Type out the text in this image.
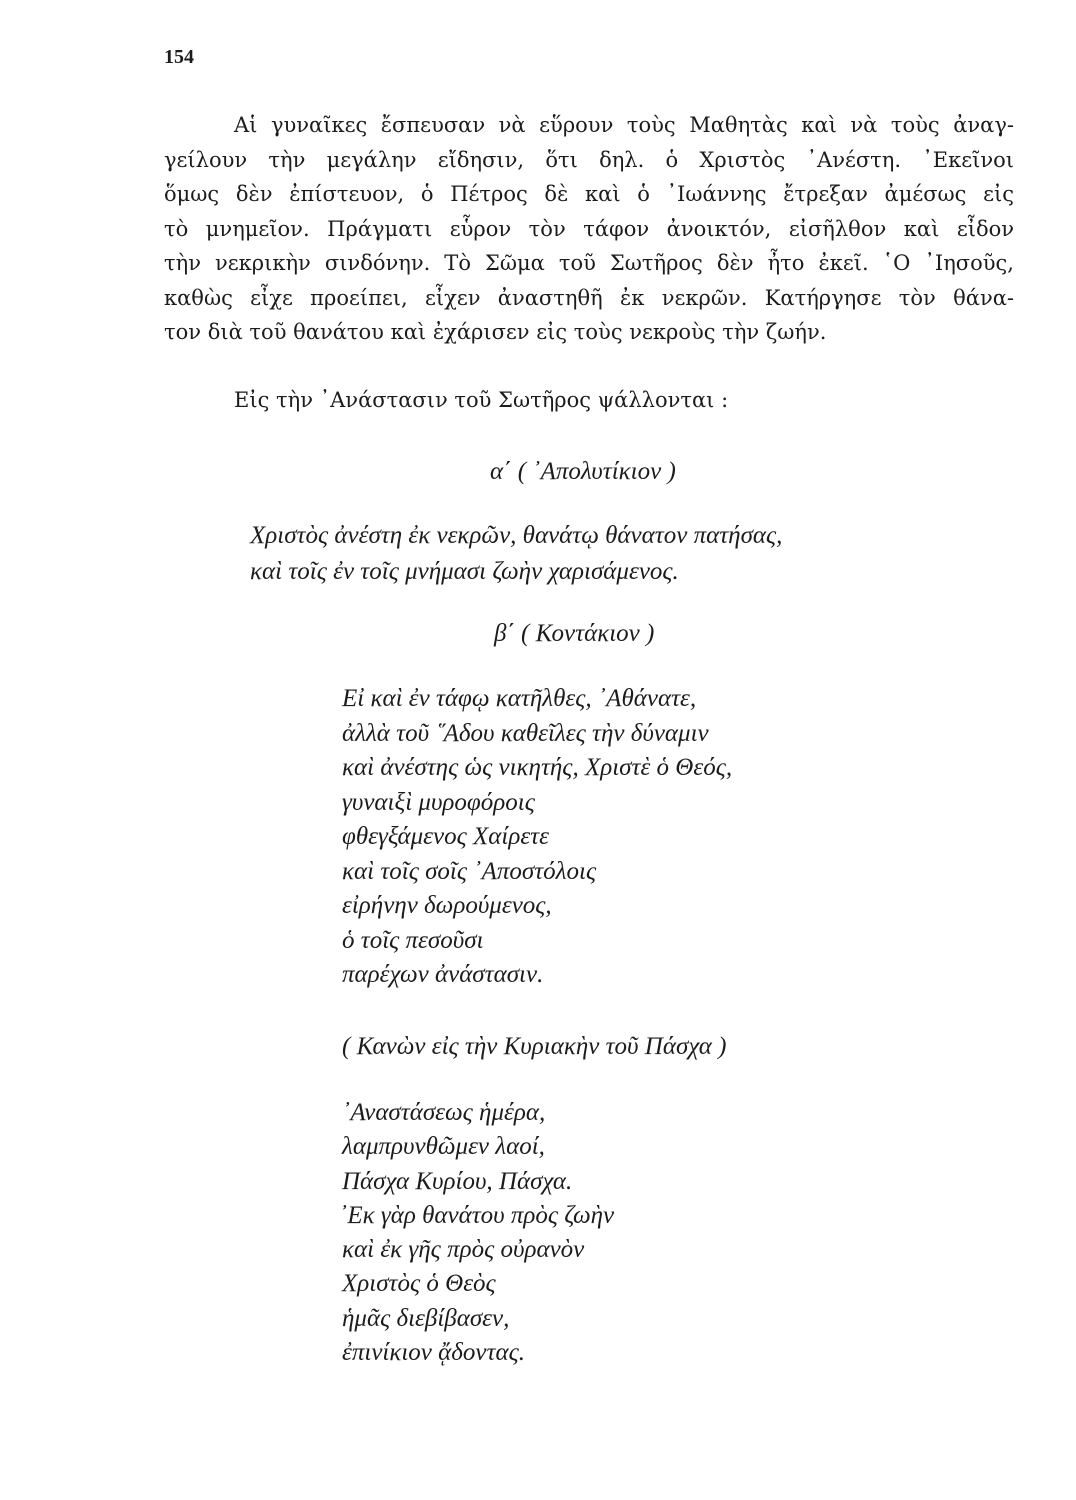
154
Αἱ γυναῖκες ἔσπευσαν νὰ εὕρουν τοὺς Μαθητὰς καὶ νὰ τοὺς ἀναγ-
γείλουν τὴν μεγάλην εἴδησιν, ὅτι δηλ. ὁ Χριστὸς ᾿Ανέστη. ᾿Εκεῖνοι
ὅμως δὲν ἐπίστευον, ὁ Πέτρος δὲ καὶ ὁ ᾿Ιωάννης ἔτρεξαν ἀμέσως εἰς
τὸ μνημεῖον. Πράγματι εὗρον τὸν τάφον ἀνοικτόν, εἰσῆλθον καὶ εἶδον
τὴν νεκρικὴν σινδόνην. Τὸ Σῶμα τοῦ Σωτῆρος δὲν ἦτο ἐκεῖ. ῾Ο ᾿Ιησοῦς,
καθὼς εἶχε προείπει, εἶχεν ἀναστηθῆ ἐκ νεκρῶν. Κατήργησε τὸν θάνα-
τον διὰ τοῦ θανάτου καὶ ἐχάρισεν εἰς τοὺς νεκροὺς τὴν ζωήν.
Εἰς τὴν ᾿Ανάστασιν τοῦ Σωτῆρος ψάλλονται :
α΄ ( ᾿Απολυτίκιον )
Χριστὸς ἀνέστη ἐκ νεκρῶν, θανάτῳ θάνατον πατήσας,
καὶ τοῖς ἐν τοῖς μνήμασι ζωὴν χαρισάμενος.
β΄ ( Κοντάκιον )
Εἰ καὶ ἐν τάφῳ κατῆλθες, ᾿Αθάνατε,
ἀλλὰ τοῦ ῞Αδου καθεῖλες τὴν δύναμιν
καὶ ἀνέστης ὡς νικητής, Χριστὲ ὁ Θεός,
γυναιξὶ μυροφόροις
φθεγξάμενος Χαίρετε
καὶ τοῖς σοῖς ᾿Αποστόλοις
εἰρήνην δωρούμενος,
ὁ τοῖς πεσοῦσι
παρέχων ἀνάστασιν.
( Κανὼν εἰς τὴν Κυριακὴν τοῦ Πάσχα )
᾿Αναστάσεως ἡμέρα,
λαμπρυνθῶμεν λαοί,
Πάσχα Κυρίου, Πάσχα.
᾿Εκ γὰρ θανάτου πρὸς ζωὴν
καὶ ἐκ γῆς πρὸς οὐρανὸν
Χριστὸς ὁ Θεὸς
ἡμᾶς διεβίβασεν,
ἐπινίκιον ᾄδοντας.
